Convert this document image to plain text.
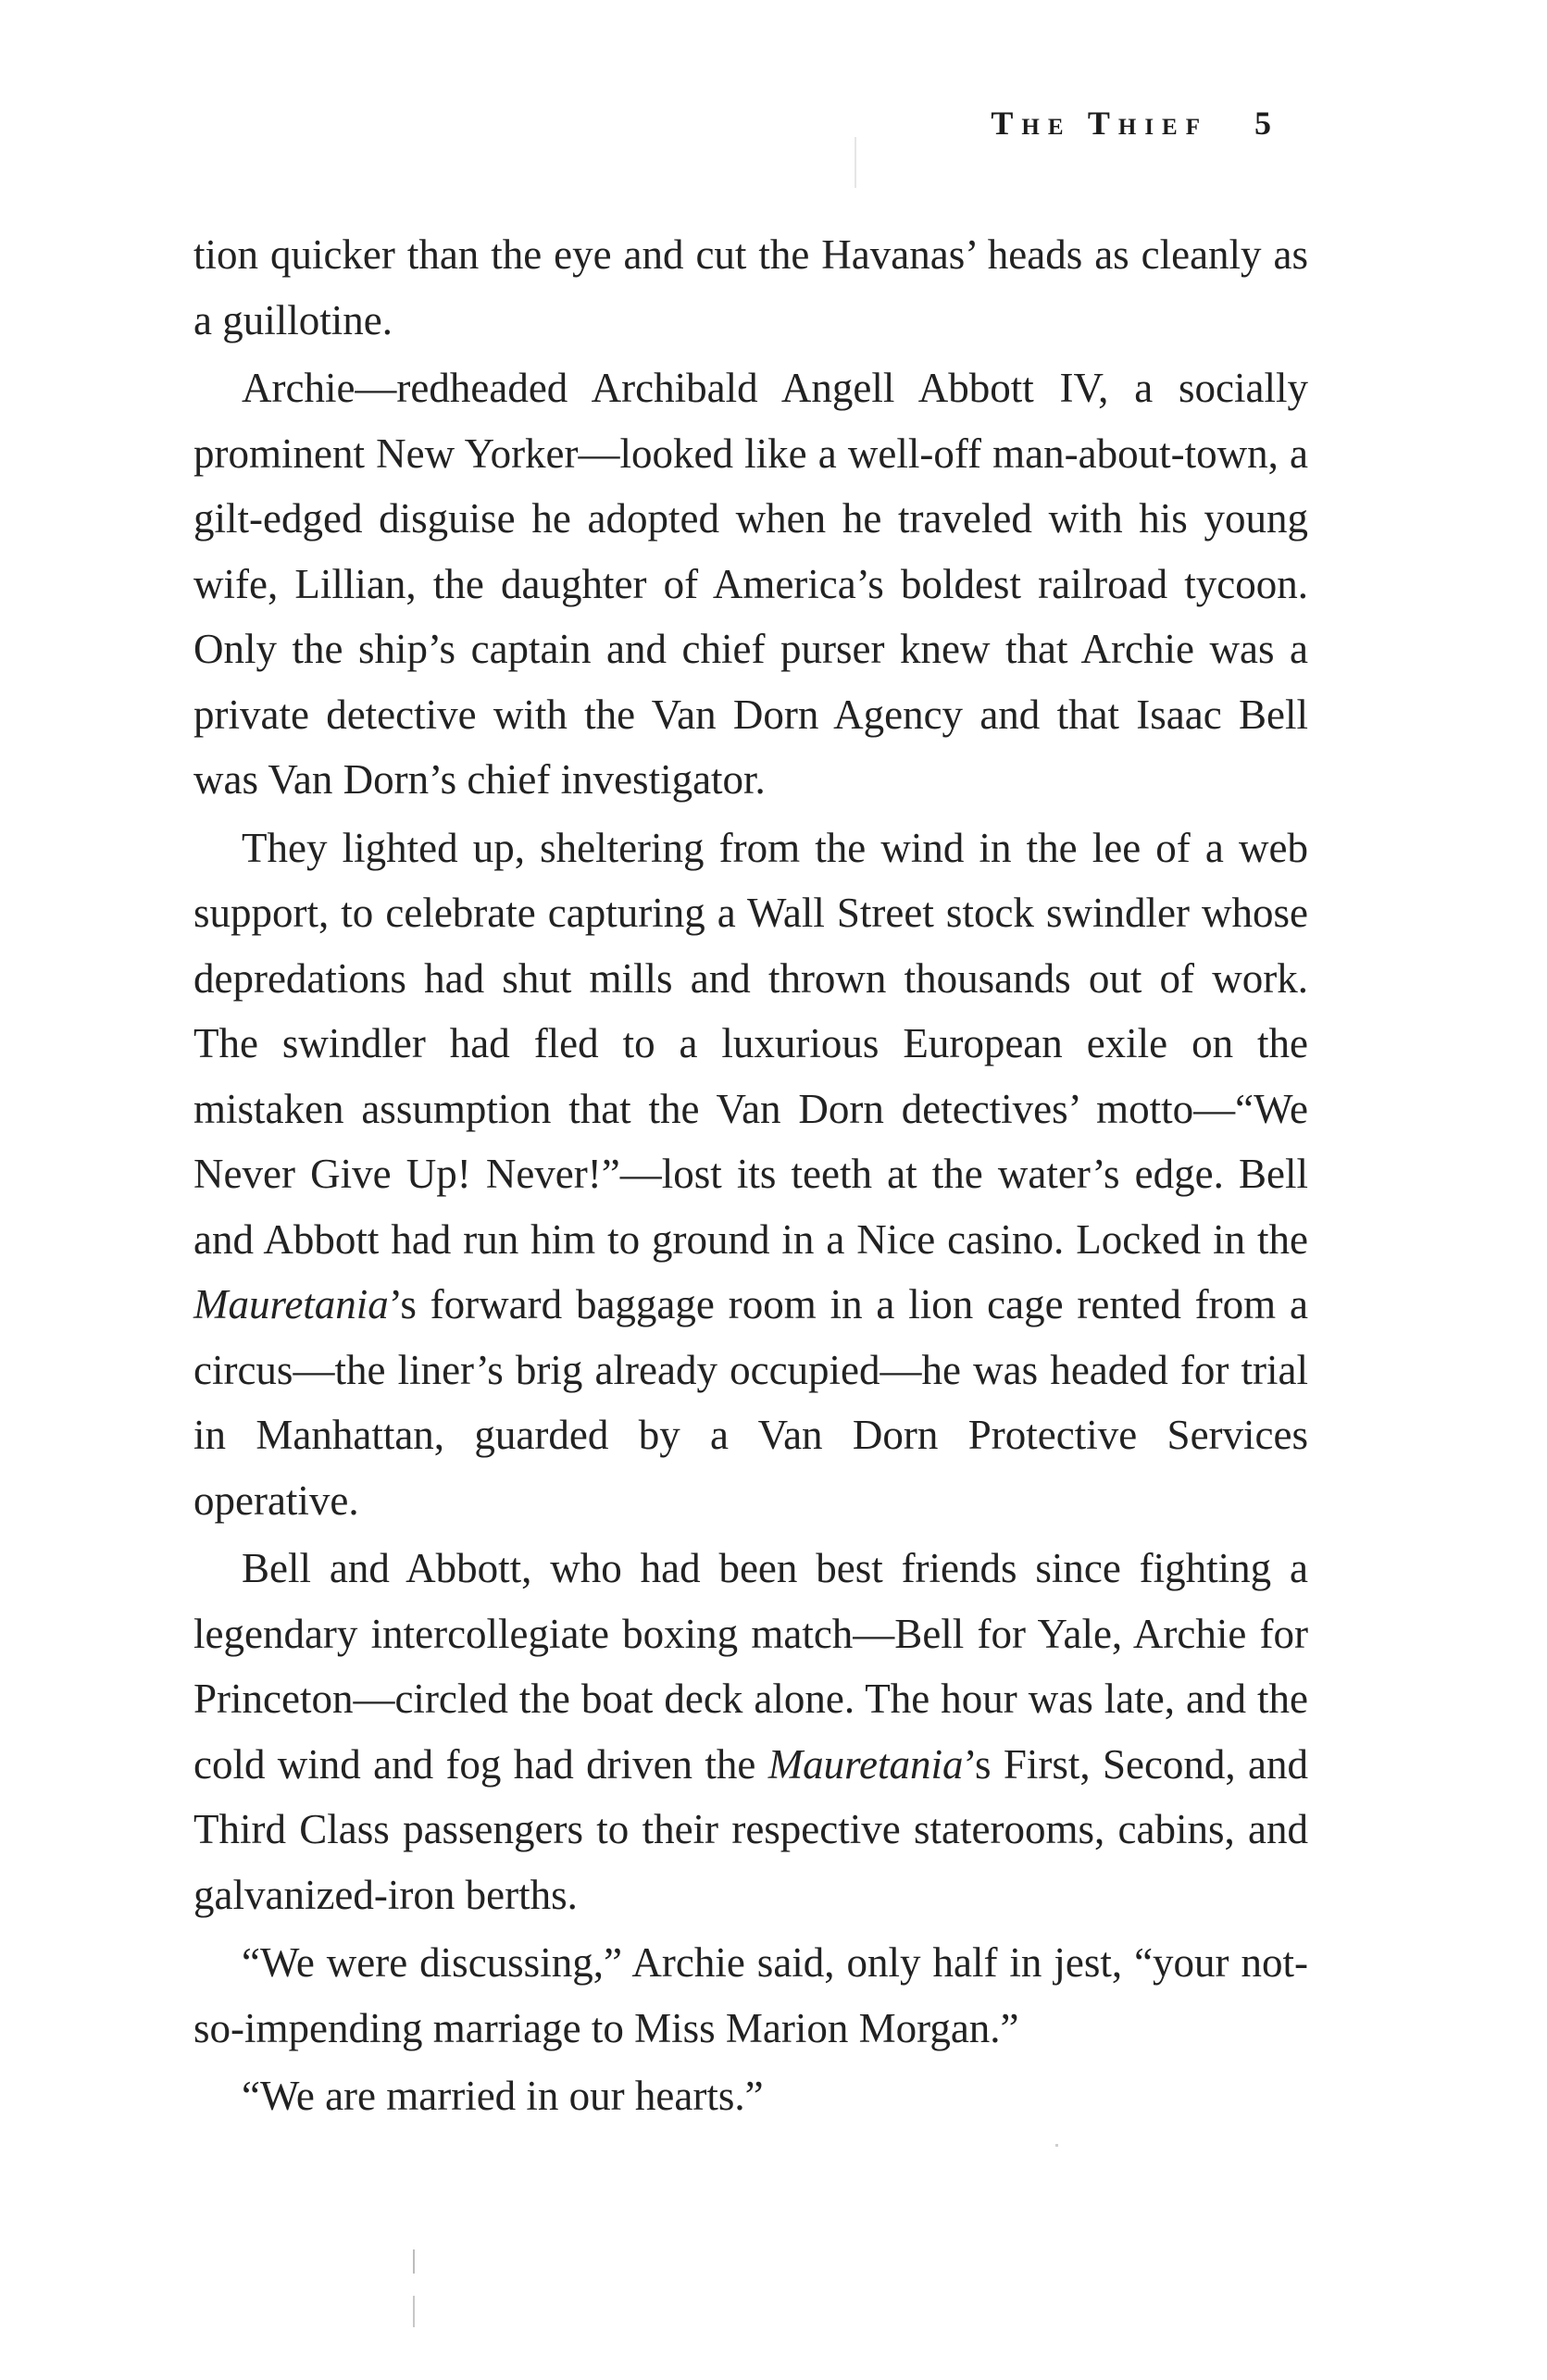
The Thief 5

tion quicker than the eye and cut the Havanas’ heads as cleanly as a guillotine.

Archie—redheaded Archibald Angell Abbott IV, a socially prominent New Yorker—looked like a well-off man-about-town, a gilt-edged disguise he adopted when he traveled with his young wife, Lillian, the daughter of America’s boldest railroad tycoon. Only the ship’s captain and chief purser knew that Archie was a private detective with the Van Dorn Agency and that Isaac Bell was Van Dorn’s chief investigator.

They lighted up, sheltering from the wind in the lee of a web support, to celebrate capturing a Wall Street stock swindler whose depredations had shut mills and thrown thousands out of work. The swindler had fled to a luxurious European exile on the mistaken assumption that the Van Dorn detectives’ motto—“We Never Give Up! Never!”—lost its teeth at the water’s edge. Bell and Abbott had run him to ground in a Nice casino. Locked in the Mauretania’s forward baggage room in a lion cage rented from a circus—the liner’s brig already occupied—he was headed for trial in Manhattan, guarded by a Van Dorn Protective Services operative.

Bell and Abbott, who had been best friends since fighting a legendary intercollegiate boxing match—Bell for Yale, Archie for Princeton—circled the boat deck alone. The hour was late, and the cold wind and fog had driven the Mauretania’s First, Second, and Third Class passengers to their respective staterooms, cabins, and galvanized-iron berths.

“We were discussing,” Archie said, only half in jest, “your not-so-impending marriage to Miss Marion Morgan.”

“We are married in our hearts.”
